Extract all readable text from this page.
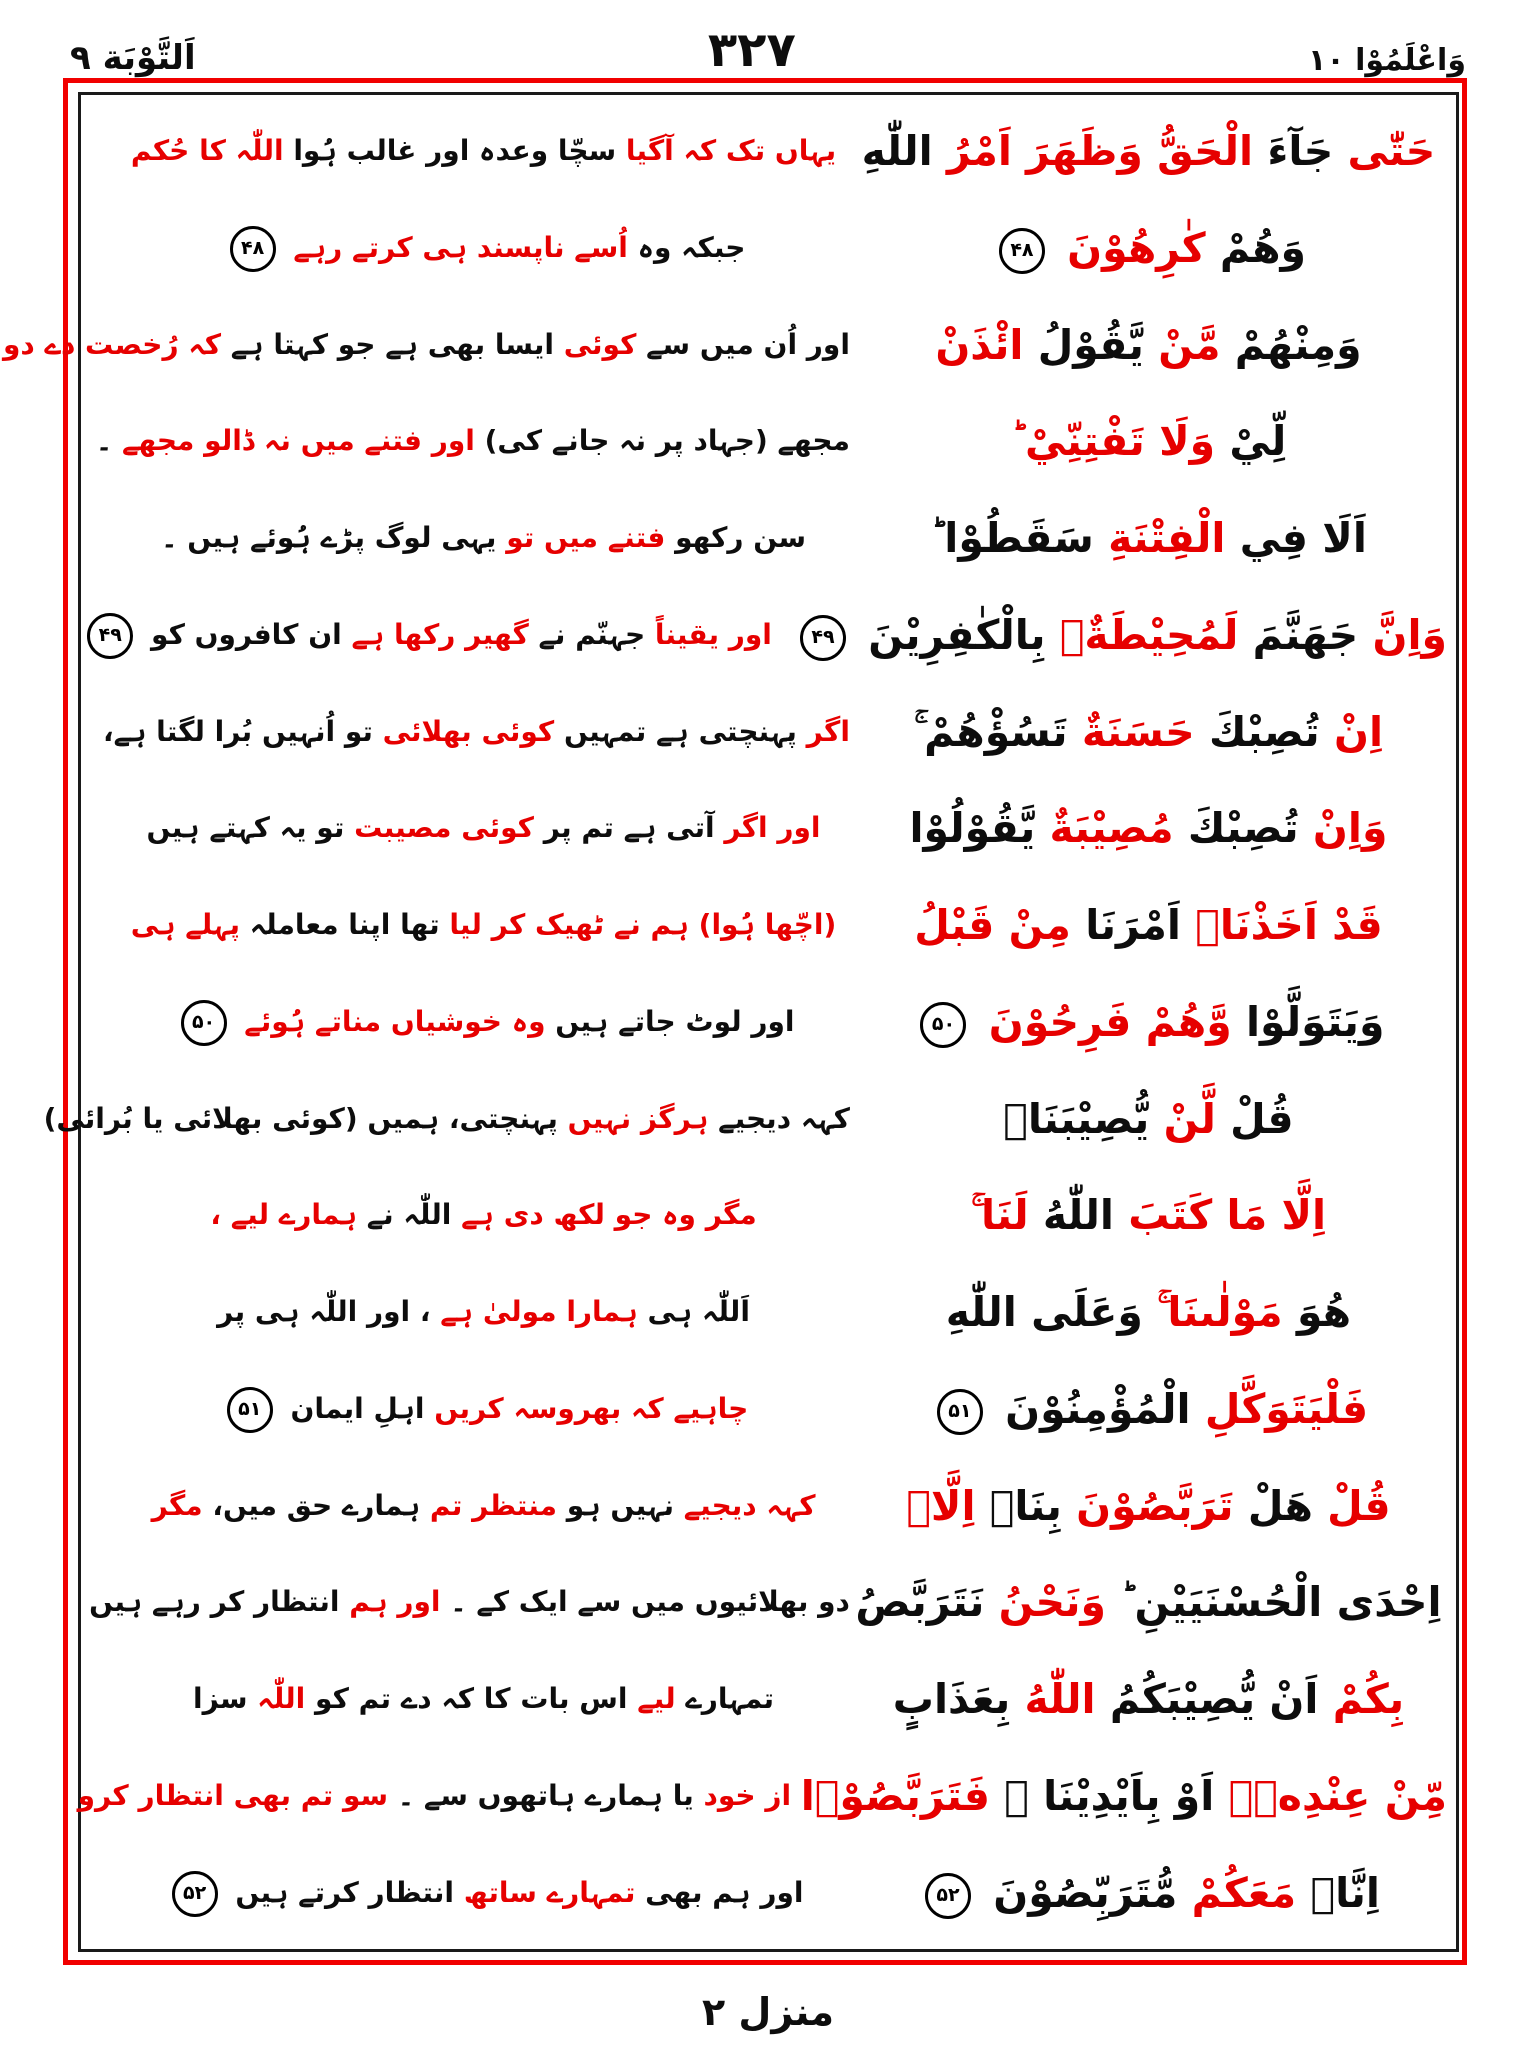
اَلتَّوْبَة ٩	٣٢٧	وَاعْلَمُوْا ۱۰
حَتّٰى جَآءَ الْحَقُّ وَظَهَرَ اَمْرُ اللّٰهِ
یہاں تک کہ آگیا سچّا وعدہ اور غالب ہُوا اللّٰہ کا حُکم
وَهُمْ كٰرِهُوْنَ ۴۸
جبکہ وہ اُسے ناپسند ہی کرتے رہے ۴۸
وَمِنْهُمْ مَّنْ يَّقُوْلُ ائْذَنْ
اور اُن میں سے کوئی ایسا بھی ہے جو کہتا ہے کہ رُخصت دے دو
لِّيْ وَلَا تَفْتِنِّيْ
مجھے (جہاد پر نہ جانے کی) اور فتنے میں نہ ڈالو مجھے ۔
اَلَا فِي الْفِتْنَةِ سَقَطُوْا ؕ
سن رکھو فتنے میں تو یہی لوگ پڑے ہُوئے ہیں ۔
وَاِنَّ جَهَنَّمَ لَمُحِيْطَةٌۢ بِالْكٰفِرِيْنَ ۴۹
اور یقیناً جہنّم نے گھیر رکھا ہے ان کافروں کو ۴۹
اِنْ تُصِبْكَ حَسَنَةٌ تَسُؤْهُمْ ۚ
اگر پہنچتی ہے تمہیں کوئی بھلائی تو اُنہیں بُرا لگتا ہے،
وَاِنْ تُصِبْكَ مُصِيْبَةٌ يَّقُوْلُوْا
اور اگر آتی ہے تم پر کوئی مصیبت تو یہ کہتے ہیں
قَدْ اَخَذْنَاۤ اَمْرَنَا مِنْ قَبْلُ
(اچّھا ہُوا) ہم نے ٹھیک کر لیا تھا اپنا معاملہ پہلے ہی
وَيَتَوَلَّوْا وَّهُمْ فَرِحُوْنَ ۵۰
اور لوٹ جاتے ہیں وہ خوشیاں مناتے ہُوئے ۵۰
قُلْ لَّنْ يُّصِيْبَنَاۤ
کہہ دیجیے ہرگز نہیں پہنچتی، ہمیں (کوئی بھلائی یا بُرائی)
اِلَّا مَا كَتَبَ اللّٰهُ لَنَا
مگر وہ جو لکھ دی ہے اللّٰہ نے ہمارے لیے ،
هُوَ مَوْلٰىنَا ۚ وَعَلَى اللّٰهِ
اَللّٰہ ہی ہمارا مولیٰ ہے ، اور اللّٰہ ہی پر
فَلْيَتَوَكَّلِ الْمُؤْمِنُوْنَ ۵۱
چاہیے کہ بھروسہ کریں اہلِ ایمان ۵۱
قُلْ هَلْ تَرَبَّصُوْنَ بِنَاۤ اِلَّاۤ
کہہ دیجیے نہیں ہو منتظر تم ہمارے حق میں، مگر
اِحْدَى الْحُسْنَيَيْنِ ؕ وَنَحْنُ نَتَرَبَّصُ
دو بھلائیوں میں سے ایک کے ۔ اور ہم انتظار کر رہے ہیں
بِكُمْ اَنْ يُّصِيْبَكُمُ اللّٰهُ بِعَذَابٍ
تمہارے لیے اس بات کا کہ دے تم کو اللّٰہ سزا
مِّنْ عِنْدِهٖۤ اَوْ بِاَيْدِيْنَا ۖ فَتَرَبَّصُوْۤا
از خود یا ہمارے ہاتھوں سے ۔ سو تم بھی انتظار کرو
اِنَّاۤ مَعَكُمْ مُّتَرَبِّصُوْنَ ۵۲
اور ہم بھی تمہارے ساتھ انتظار کرتے ہیں ۵۲
منزل ۲
